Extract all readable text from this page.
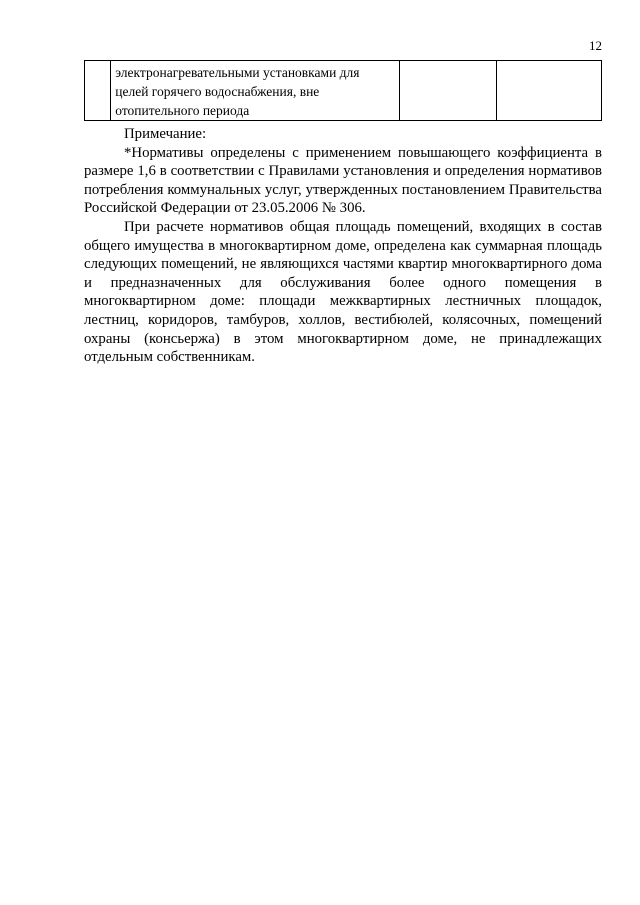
12

электронагревательными установками для целей горячего водоснабжения, вне отопительного периода

Примечание:

*Нормативы определены с применением повышающего коэффициента в размере 1,6 в соответствии с Правилами установления и определения нормативов потребления коммунальных услуг, утвержденных постановлением Правительства Российской Федерации от 23.05.2006 № 306.

При расчете нормативов общая площадь помещений, входящих в состав общего имущества в многоквартирном доме, определена как суммарная площадь следующих помещений, не являющихся частями квартир многоквартирного дома и предназначенных для обслуживания более одного помещения в многоквартирном доме: площади межквартирных лестничных площадок, лестниц, коридоров, тамбуров, холлов, вестибюлей, колясочных, помещений охраны (консьержа) в этом многоквартирном доме, не принадлежащих отдельным собственникам.
